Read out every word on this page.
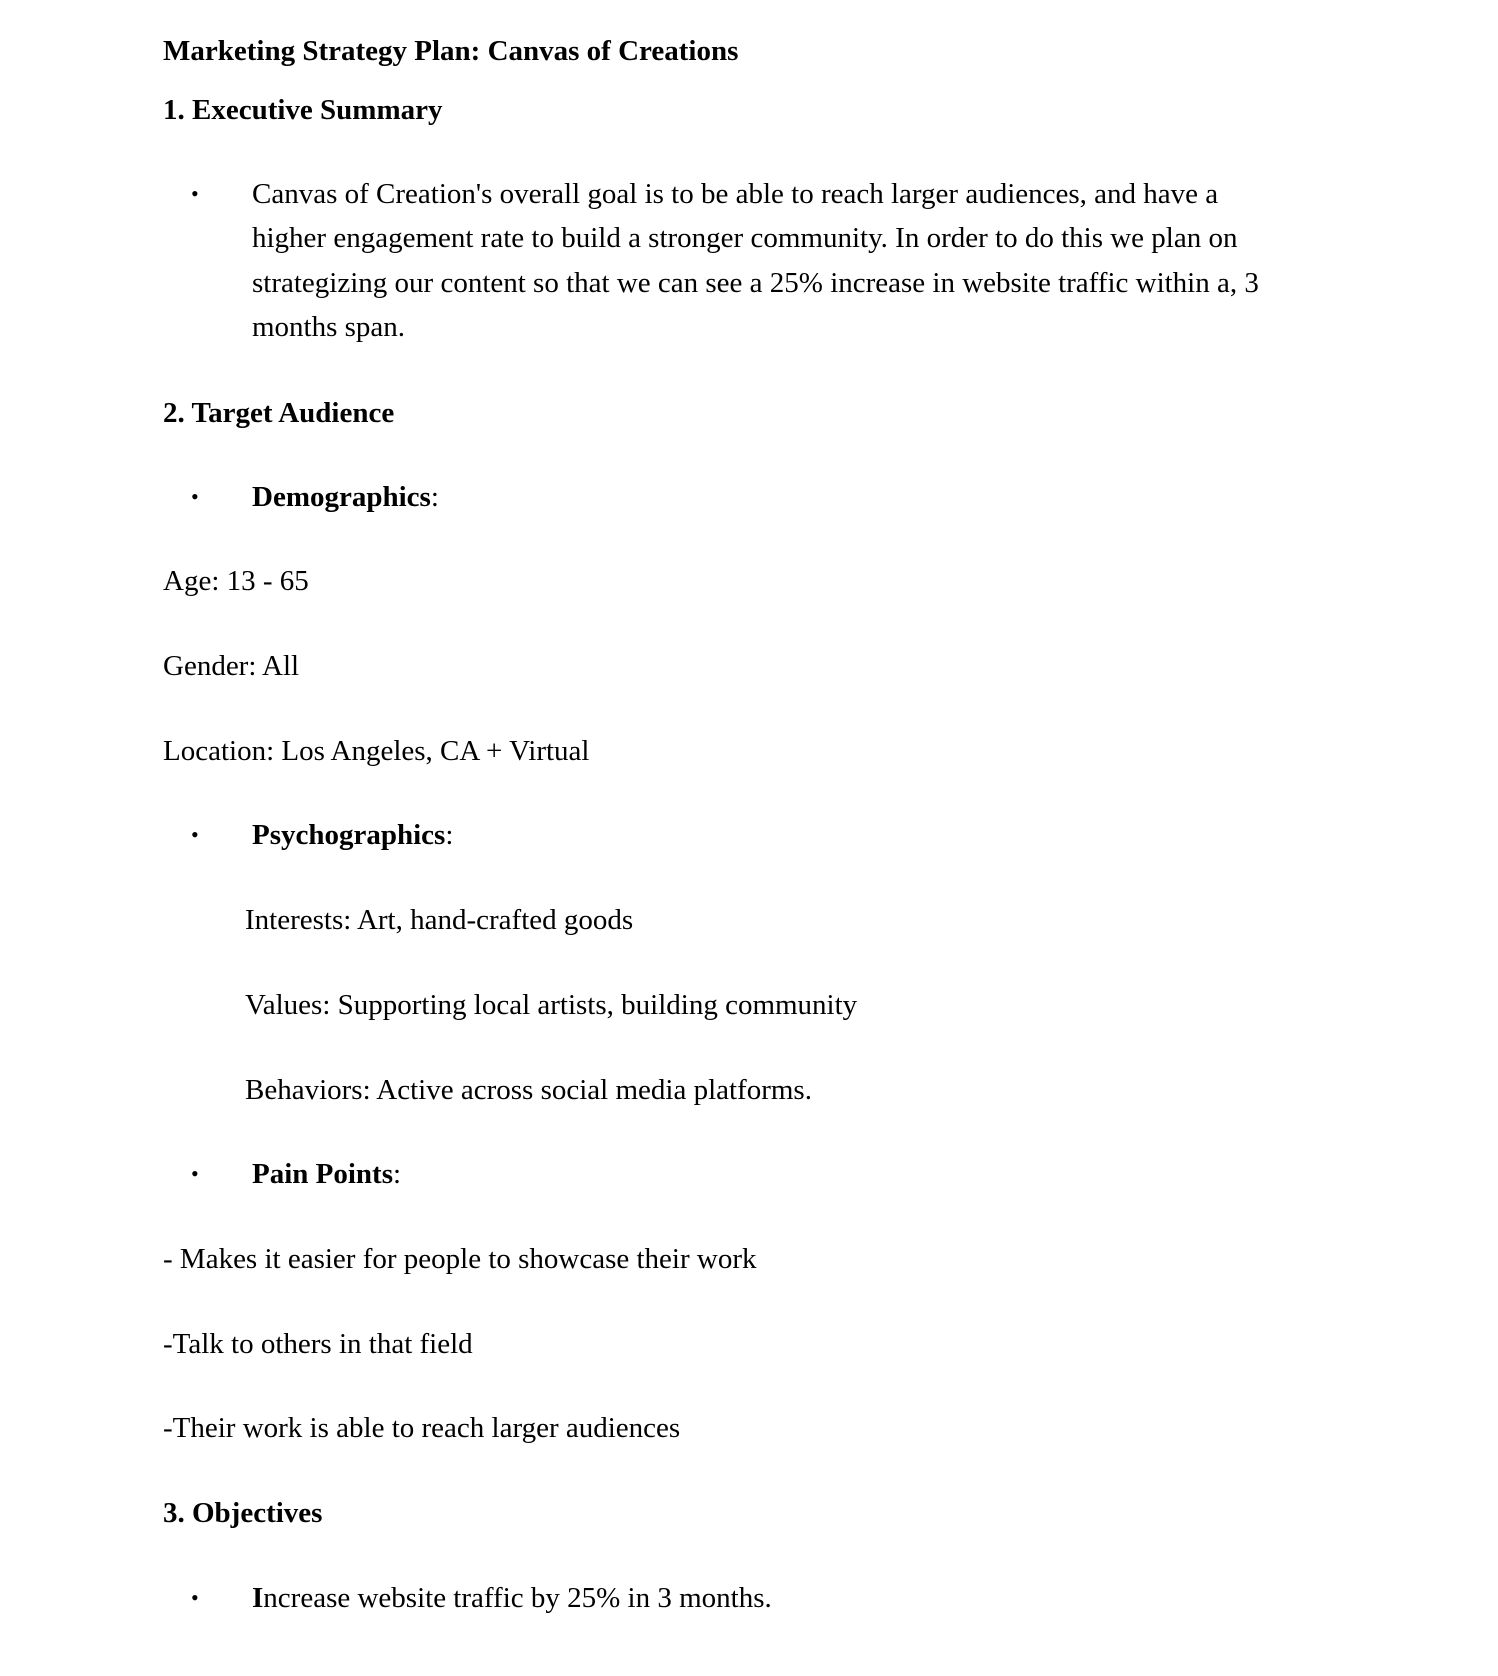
Marketing Strategy Plan: Canvas of Creations
1. Executive Summary
• Canvas of Creation's overall goal is to be able to reach larger audiences, and have a
higher engagement rate to build a stronger community. In order to do this we plan on
strategizing our content so that we can see a 25% increase in website traffic within a, 3
months span.
2. Target Audience
• Demographics:
Age: 13 - 65
Gender: All
Location: Los Angeles, CA + Virtual
• Psychographics:
Interests: Art, hand-crafted goods
Values: Supporting local artists, building community
Behaviors: Active across social media platforms.
• Pain Points:
- Makes it easier for people to showcase their work
-Talk to others in that field
-Their work is able to reach larger audiences
3. Objectives
• Increase website traffic by 25% in 3 months.
